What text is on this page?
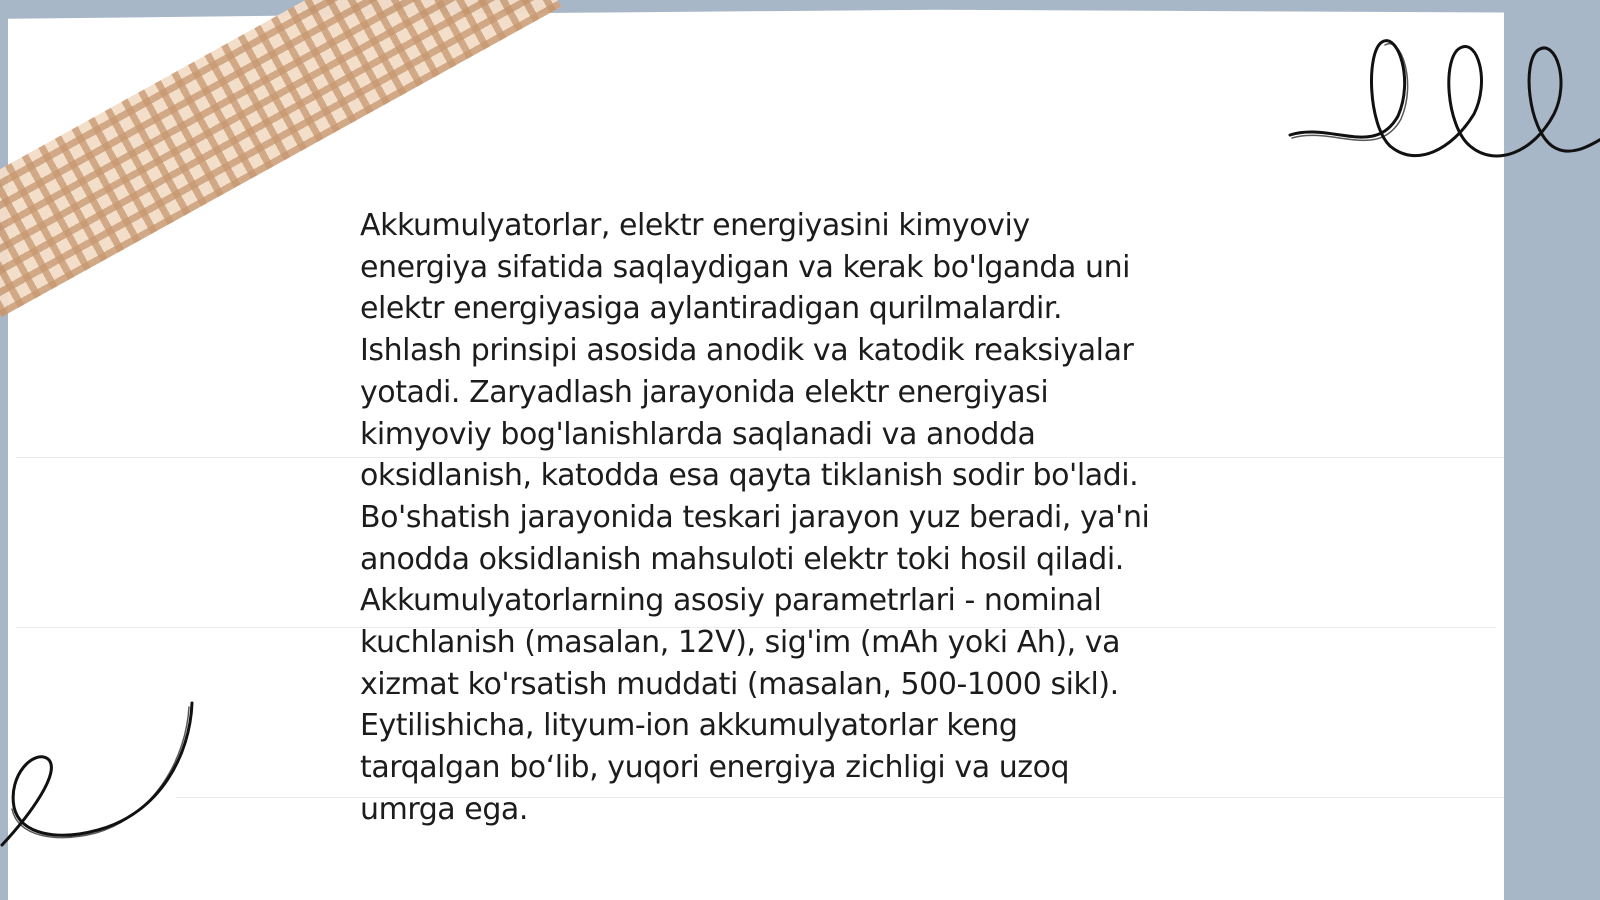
Akkumulyatorlar, elektr energiyasini kimyoviy
energiya sifatida saqlaydigan va kerak bo'lganda uni
elektr energiyasiga aylantiradigan qurilmalardir.
Ishlash prinsipi asosida anodik va katodik reaksiyalar
yotadi. Zaryadlash jarayonida elektr energiyasi
kimyoviy bog'lanishlarda saqlanadi va anodda
oksidlanish, katodda esa qayta tiklanish sodir bo'ladi.
Bo'shatish jarayonida teskari jarayon yuz beradi, ya'ni
anodda oksidlanish mahsuloti elektr toki hosil qiladi.
Akkumulyatorlarning asosiy parametrlari - nominal
kuchlanish (masalan, 12V), sig'im (mAh yoki Ah), va
xizmat ko'rsatish muddati (masalan, 500-1000 sikl).
Eytilishicha, lityum-ion akkumulyatorlar keng
tarqalgan bo‘lib, yuqori energiya zichligi va uzoq
umrga ega.
